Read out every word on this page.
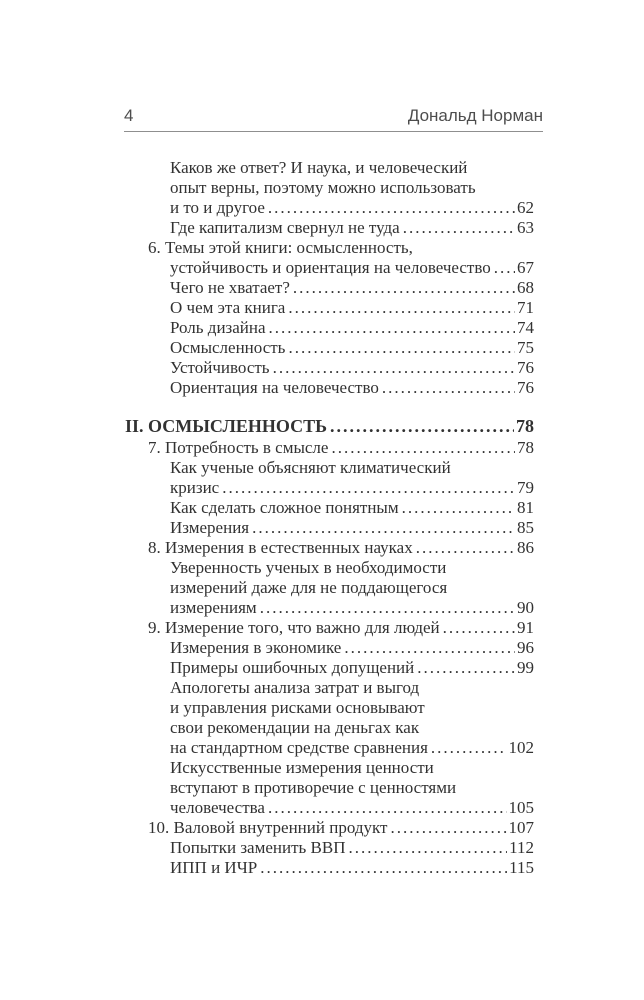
4	Дональд Норман
Каков же ответ? И наука, и человеческий
опыт верны, поэтому можно использовать
и то и другое .....	62
Где капитализм свернул не туда .....	63
6. Темы этой книги: осмысленность,
устойчивость и ориентация на человечество ..... 67
Чего не хватает? .....	68
О чем эта книга .....	71
Роль дизайна .....	74
Осмысленность .....	75
Устойчивость .....	76
Ориентация на человечество .....	76
II. ОСМЫСЛЕННОСТЬ .....	78
7. Потребность в смысле .....	78
Как ученые объясняют климатический
кризис .....	79
Как сделать сложное понятным .....	81
Измерения .....	85
8. Измерения в естественных науках .....	86
Уверенность ученых в необходимости
измерений даже для не поддающегося
измерениям .....	90
9. Измерение того, что важно для людей .....	91
Измерения в экономике .....	96
Примеры ошибочных допущений .....	99
Апологеты анализа затрат и выгод
и управления рисками основывают
свои рекомендации на деньгах как
на стандартном средстве сравнения .....	102
Искусственные измерения ценности
вступают в противоречие с ценностями
человечества .....	105
10. Валовой внутренний продукт .....	107
Попытки заменить ВВП .....	112
ИПП и ИЧР .....	115
